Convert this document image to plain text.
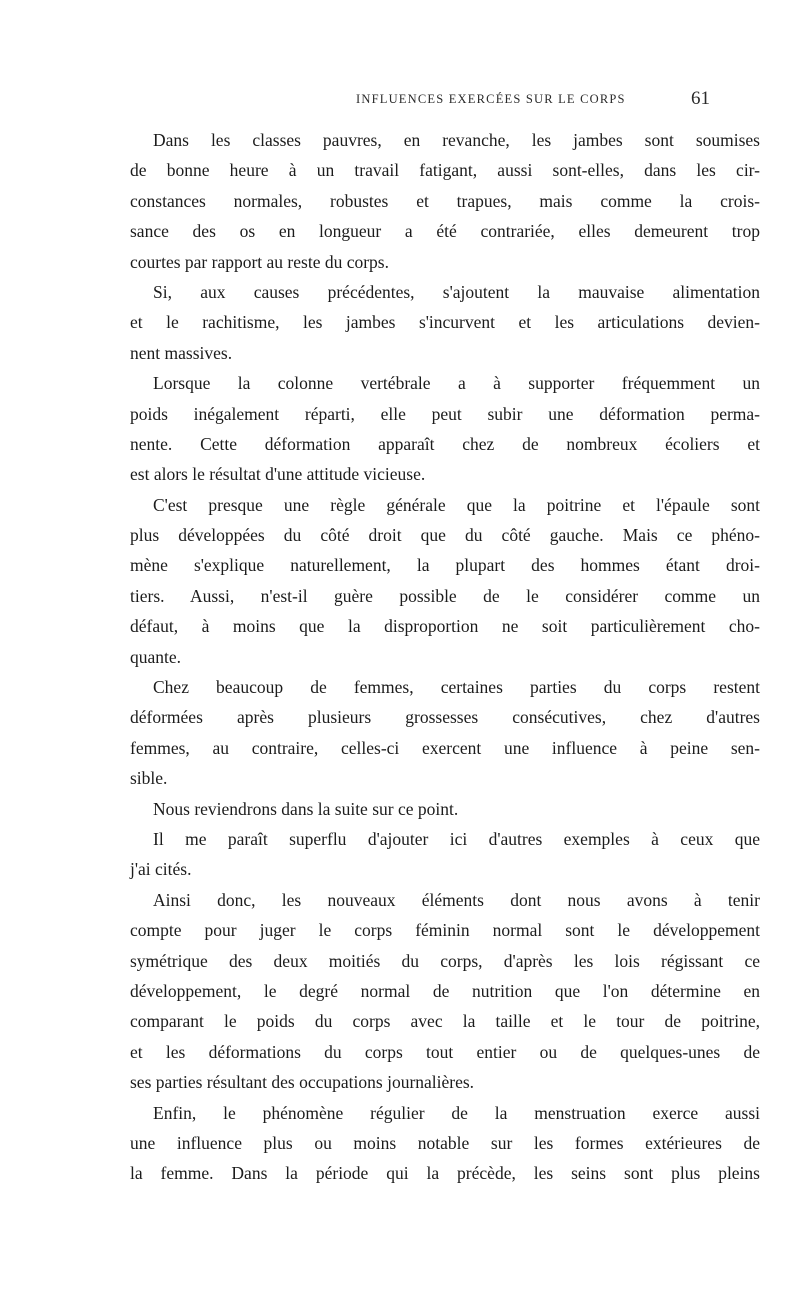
INFLUENCES EXERCÉES SUR LE CORPS	61

Dans les classes pauvres, en revanche, les jambes sont soumises
de bonne heure à un travail fatigant, aussi sont-elles, dans les cir-
constances normales, robustes et trapues, mais comme la crois-
sance des os en longueur a été contrariée, elles demeurent trop
courtes par rapport au reste du corps.

Si, aux causes précédentes, s'ajoutent la mauvaise alimentation
et le rachitisme, les jambes s'incurvent et les articulations devien-
nent massives.

Lorsque la colonne vertébrale a à supporter fréquemment un
poids inégalement réparti, elle peut subir une déformation perma-
nente. Cette déformation apparaît chez de nombreux écoliers et
est alors le résultat d'une attitude vicieuse.

C'est presque une règle générale que la poitrine et l'épaule sont
plus développées du côté droit que du côté gauche. Mais ce phéno-
mène s'explique naturellement, la plupart des hommes étant droi-
tiers. Aussi, n'est-il guère possible de le considérer comme un
défaut, à moins que la disproportion ne soit particulièrement cho-
quante.

Chez beaucoup de femmes, certaines parties du corps restent
déformées après plusieurs grossesses consécutives, chez d'autres
femmes, au contraire, celles-ci exercent une influence à peine sen-
sible.

Nous reviendrons dans la suite sur ce point.

Il me paraît superflu d'ajouter ici d'autres exemples à ceux que
j'ai cités.

Ainsi donc, les nouveaux éléments dont nous avons à tenir
compte pour juger le corps féminin normal sont le développement
symétrique des deux moitiés du corps, d'après les lois régissant ce
développement, le degré normal de nutrition que l'on détermine en
comparant le poids du corps avec la taille et le tour de poitrine,
et les déformations du corps tout entier ou de quelques-unes de
ses parties résultant des occupations journalières.

Enfin, le phénomène régulier de la menstruation exerce aussi
une influence plus ou moins notable sur les formes extérieures de
la femme. Dans la période qui la précède, les seins sont plus pleins
